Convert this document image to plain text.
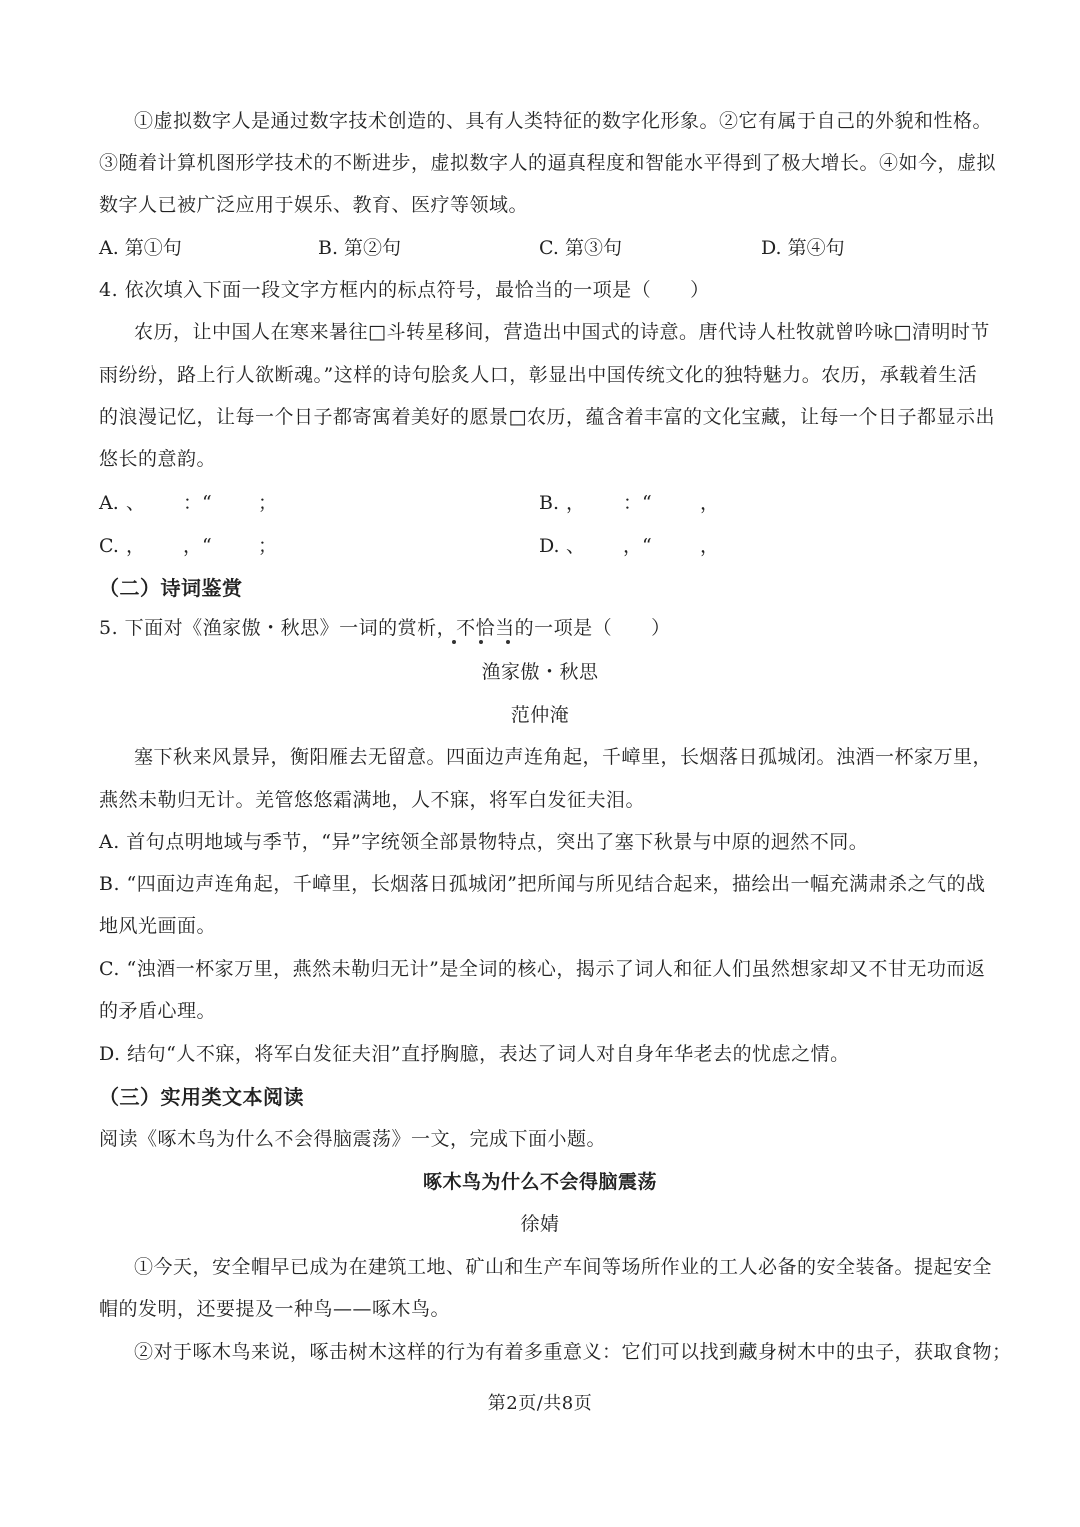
①虚拟数字人是通过数字技术创造的、具有人类特征的数字化形象。②它有属于自己的外貌和性格。
③随着计算机图形学技术的不断进步，虚拟数字人的逼真程度和智能水平得到了极大增长。④如今，虚拟
数字人已被广泛应用于娱乐、教育、医疗等领域。
A. 第①句	B. 第②句	C. 第③句	D. 第④句
4. 依次填入下面一段文字方框内的标点符号，最恰当的一项是（　　）
农历，让中国人在寒来暑往□斗转星移间，营造出中国式的诗意。唐代诗人杜牧就曾吟咏□清明时节
雨纷纷，路上行人欲断魂。”这样的诗句脍炙人口，彰显出中国传统文化的独特魅力。农历，承载着生活
的浪漫记忆，让每一个日子都寄寓着美好的愿景□农历，蕴含着丰富的文化宝藏，让每一个日子都显示出
悠长的意韵。
A. 、 ：“ ；	B. ， ：“	，
C. ， ，“ ；	D. 、 ，“	，
（二）诗词鉴赏
5. 下面对《渔家傲・秋思》一词的赏析，不恰当的一项是（　　）
渔家傲・秋思
范仲淹
塞下秋来风景异，衡阳雁去无留意。四面边声连角起，千嶂里，长烟落日孤城闭。浊酒一杯家万里，
燕然未勒归无计。羌管悠悠霜满地，人不寐，将军白发征夫泪。
A. 首句点明地域与季节，“异”字统领全部景物特点，突出了塞下秋景与中原的迥然不同。
B. “四面边声连角起，千嶂里，长烟落日孤城闭”把所闻与所见结合起来，描绘出一幅充满肃杀之气的战
地风光画面。
C. “浊酒一杯家万里，燕然未勒归无计”是全词的核心，揭示了词人和征人们虽然想家却又不甘无功而返
的矛盾心理。
D. 结句“人不寐，将军白发征夫泪”直抒胸臆，表达了词人对自身年华老去的忧虑之情。
（三）实用类文本阅读
阅读《啄木鸟为什么不会得脑震荡》一文，完成下面小题。
啄木鸟为什么不会得脑震荡
徐婧
①今天，安全帽早已成为在建筑工地、矿山和生产车间等场所作业的工人必备的安全装备。提起安全
帽的发明，还要提及一种鸟——啄木鸟。
②对于啄木鸟来说，啄击树木这样的行为有着多重意义：它们可以找到藏身树木中的虫子，获取食物；
第2页/共8页
